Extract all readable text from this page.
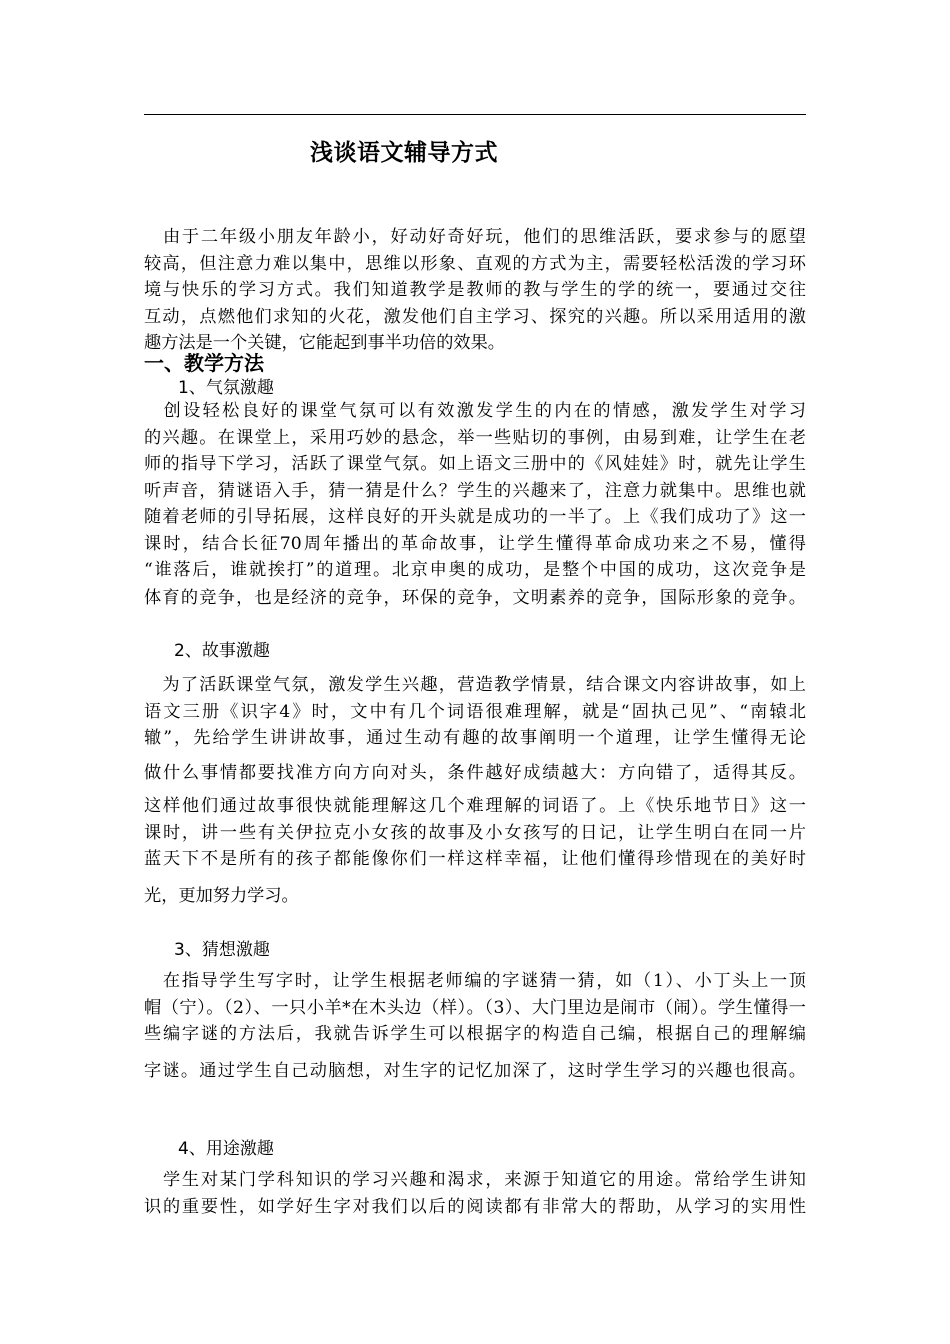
浅谈语文辅导方式
　由于二年级小朋友年龄小，好动好奇好玩，他们的思维活跃，要求参与的愿望
较高，但注意力难以集中，思维以形象、直观的方式为主，需要轻松活泼的学习环
境与快乐的学习方式。我们知道教学是教师的教与学生的学的统一，要通过交往
互动，点燃他们求知的火花，激发他们自主学习、探究的兴趣。所以采用适用的激
趣方法是一个关键，它能起到事半功倍的效果。
一、教学方法
1、气氛激趣
　创设轻松良好的课堂气氛可以有效激发学生的内在的情感，激发学生对学习
的兴趣。在课堂上，采用巧妙的悬念，举一些贴切的事例，由易到难，让学生在老
师的指导下学习，活跃了课堂气氛。如上语文三册中的《风娃娃》时，就先让学生
听声音，猜谜语入手，猜一猜是什么？学生的兴趣来了，注意力就集中。思维也就
随着老师的引导拓展，这样良好的开头就是成功的一半了。上《我们成功了》这一
课时，结合长征70周年播出的革命故事，让学生懂得革命成功来之不易，懂得
“谁落后，谁就挨打”的道理。北京申奥的成功，是整个中国的成功，这次竞争是
体育的竞争，也是经济的竞争，环保的竞争，文明素养的竞争，国际形象的竞争。
2、故事激趣
　为了活跃课堂气氛，激发学生兴趣，营造教学情景，结合课文内容讲故事，如上
语文三册《识字4》时，文中有几个词语很难理解，就是“固执己见”、“南辕北
辙”，先给学生讲讲故事，通过生动有趣的故事阐明一个道理，让学生懂得无论
做什么事情都要找准方向方向对头，条件越好成绩越大：方向错了，适得其反。
这样他们通过故事很快就能理解这几个难理解的词语了。上《快乐地节日》这一
课时，讲一些有关伊拉克小女孩的故事及小女孩写的日记，让学生明白在同一片
蓝天下不是所有的孩子都能像你们一样这样幸福，让他们懂得珍惜现在的美好时
光，更加努力学习。
3、猜想激趣
　在指导学生写字时，让学生根据老师编的字谜猜一猜，如（1）、小丁头上一顶
帽（宁）。（2）、一只小羊*在木头边（样）。（3）、大门里边是闹市（闹）。学生懂得一
些编字谜的方法后，我就告诉学生可以根据字的构造自己编，根据自己的理解编
字谜。通过学生自己动脑想，对生字的记忆加深了，这时学生学习的兴趣也很高。
4、用途激趣
　学生对某门学科知识的学习兴趣和渴求，来源于知道它的用途。常给学生讲知
识的重要性，如学好生字对我们以后的阅读都有非常大的帮助，从学习的实用性
